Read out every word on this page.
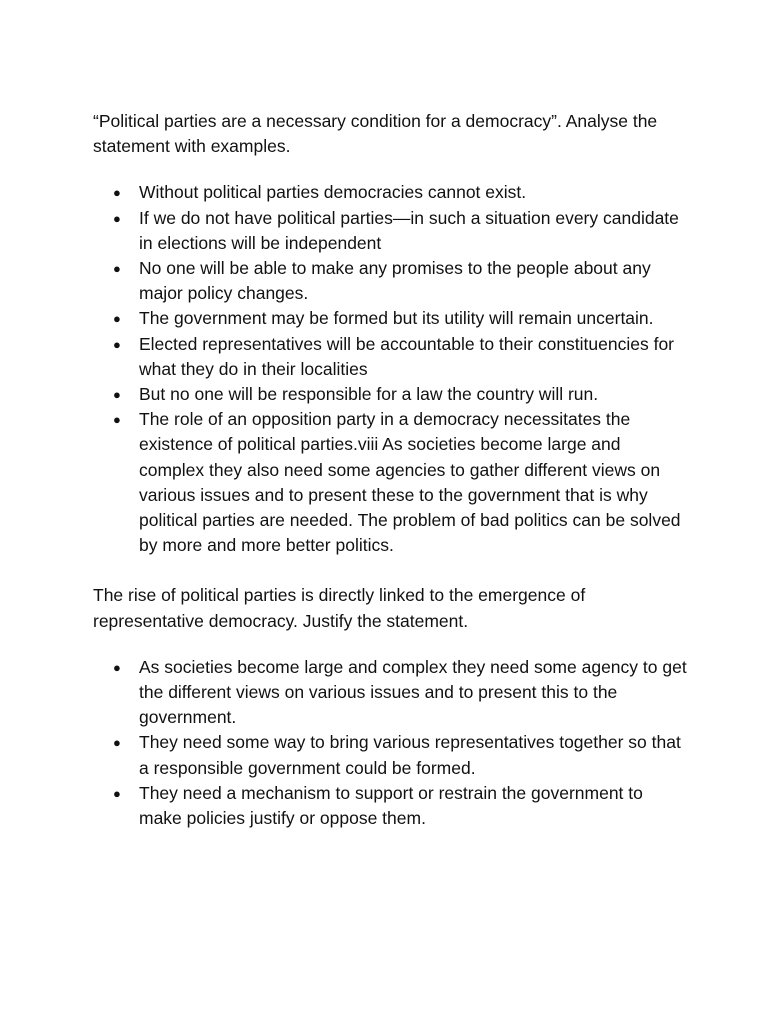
“Political parties are a necessary condition for a democracy”. Analyse the statement with examples.

● Without political parties democracies cannot exist.
● If we do not have political parties—in such a situation every candidate in elections will be independent
● No one will be able to make any promises to the people about any major policy changes.
● The government may be formed but its utility will remain uncertain.
● Elected representatives will be accountable to their constituencies for what they do in their localities
● But no one will be responsible for a law the country will run.
● The role of an opposition party in a democracy necessitates the existence of political parties.viii As societies become large and complex they also need some agencies to gather different views on various issues and to present these to the government that is why political parties are needed. The problem of bad politics can be solved by more and more better politics.

The rise of political parties is directly linked to the emergence of representative democracy. Justify the statement.

● As societies become large and complex they need some agency to get the different views on various issues and to present this to the government.
● They need some way to bring various representatives together so that a responsible government could be formed.
● They need a mechanism to support or restrain the government to make policies justify or oppose them.
